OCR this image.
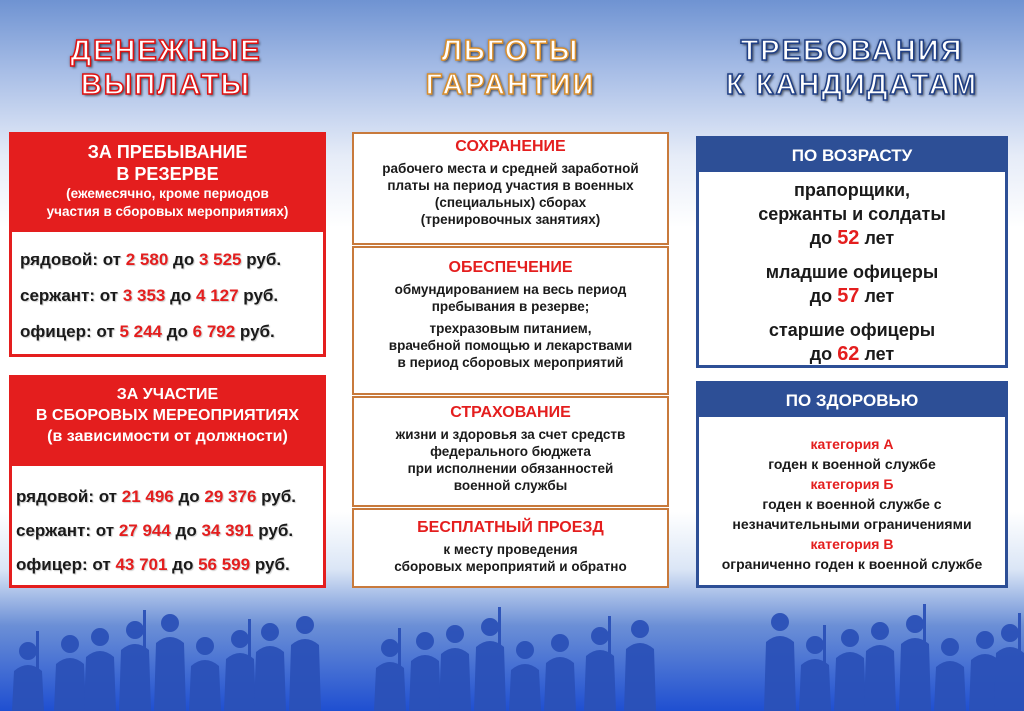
ДЕНЕЖНЫЕ
ВЫПЛАТЫ
ЛЬГОТЫ
ГАРАНТИИ
ТРЕБОВАНИЯ
К КАНДИДАТАМ
ЗА ПРЕБЫВАНИЕ
В РЕЗЕРВЕ
(ежемесячно, кроме периодов
участия в сборовых мероприятиях)
рядовой: от 2 580 до 3 525 руб.
сержант: от 3 353 до 4 127 руб.
офицер: от 5 244 до 6 792 руб.
ЗА УЧАСТИЕ
В СБОРОВЫХ МЕРЕОПРИЯТИЯХ
(в зависимости от должности)
рядовой: от 21 496 до 29 376 руб.
сержант: от 27 944 до 34 391 руб.
офицер: от 43 701 до 56 599 руб.
СОХРАНЕНИЕ
рабочего места и средней заработной
платы на период участия в военных
(специальных) сборах
(тренировочных занятиях)
ОБЕСПЕЧЕНИЕ
обмундированием на весь период
пребывания в резерве;
трехразовым питанием,
врачебной помощью и лекарствами
в период сборовых мероприятий
СТРАХОВАНИЕ
жизни и здоровья за счет средств
федерального бюджета
при исполнении обязанностей
военной службы
БЕСПЛАТНЫЙ ПРОЕЗД
к месту проведения
сборовых мероприятий и обратно
ПО ВОЗРАСТУ
прапорщики,
сержанты и солдаты
до 52 лет
младшие офицеры
до 57 лет
старшие офицеры
до 62 лет
ПО ЗДОРОВЬЮ
категория А
годен к военной службе
категория Б
годен к военной службе с
незначительными ограничениями
категория В
ограниченно годен к военной службе
